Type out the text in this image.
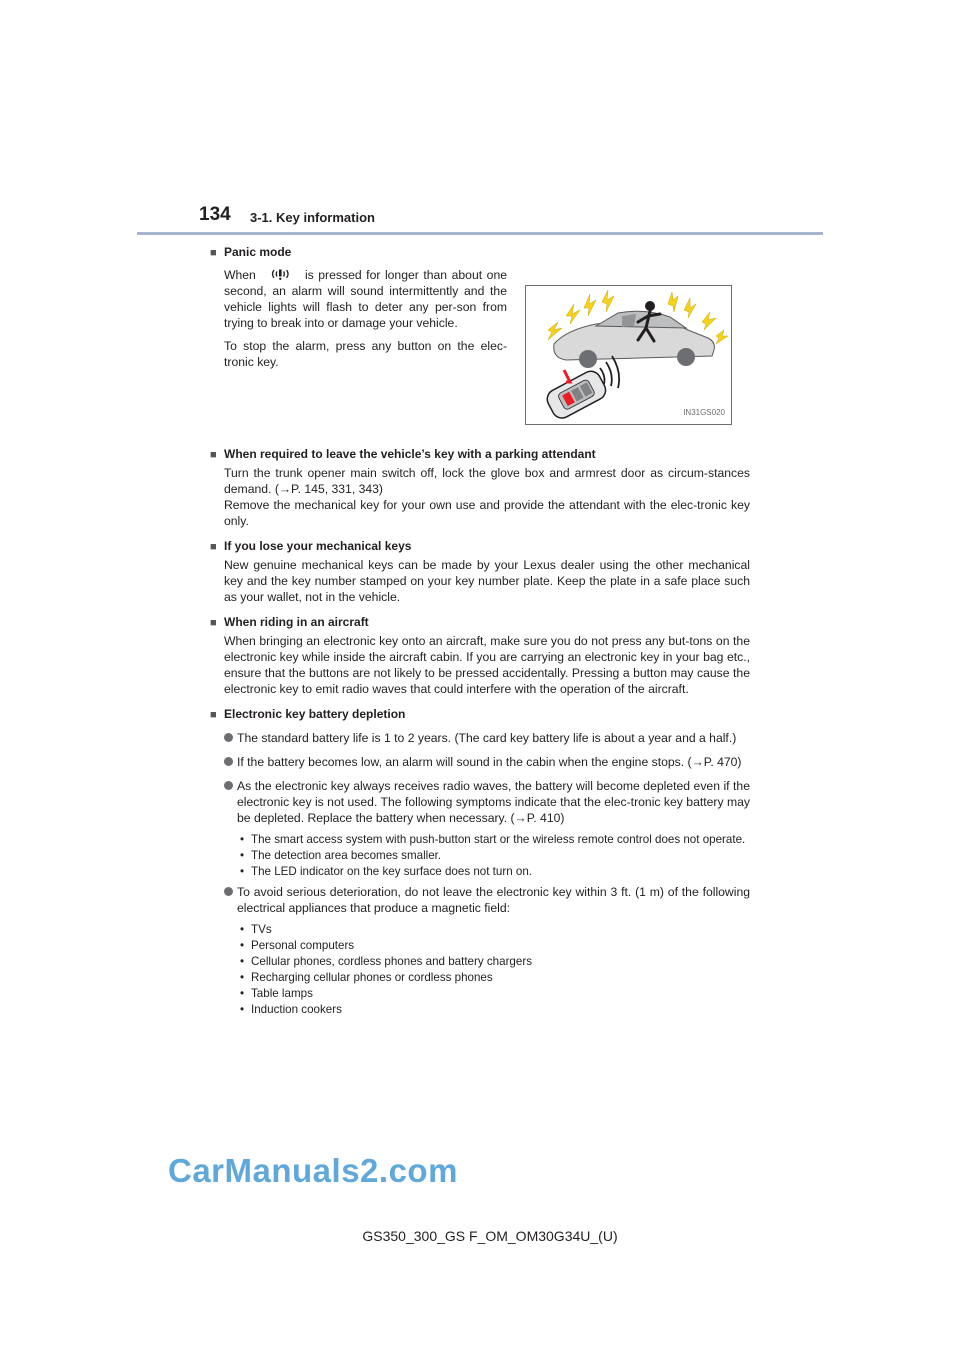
134 3-1. Key information
■ Panic mode

When	is pressed for longer than about one second, an alarm will sound intermittently and the vehicle lights will flash to deter any per-son from trying to break into or damage your vehicle.

To stop the alarm, press any button on the elec-tronic key.

IN31GS020
■ When required to leave the vehicle’s key with a parking attendant
Turn the trunk opener main switch off, lock the glove box and armrest door as circum-stances demand. (→P. 145, 331, 343)
Remove the mechanical key for your own use and provide the attendant with the elec-tronic key only.
■ If you lose your mechanical keys
New genuine mechanical keys can be made by your Lexus dealer using the other mechanical key and the key number stamped on your key number plate. Keep the plate in a safe place such as your wallet, not in the vehicle.
■ When riding in an aircraft
When bringing an electronic key onto an aircraft, make sure you do not press any but-tons on the electronic key while inside the aircraft cabin. If you are carrying an electronic key in your bag etc., ensure that the buttons are not likely to be pressed accidentally. Pressing a button may cause the electronic key to emit radio waves that could interfere with the operation of the aircraft.
■ Electronic key battery depletion
The standard battery life is 1 to 2 years. (The card key battery life is about a year and a half.)
If the battery becomes low, an alarm will sound in the cabin when the engine stops. (→P. 470)
As the electronic key always receives radio waves, the battery will become depleted even if the electronic key is not used. The following symptoms indicate that the elec-tronic key battery may be depleted. Replace the battery when necessary. (→P. 410)
• The smart access system with push-button start or the wireless remote control does not operate.
• The detection area becomes smaller.
• The LED indicator on the key surface does not turn on.
To avoid serious deterioration, do not leave the electronic key within 3 ft. (1 m) of the following electrical appliances that produce a magnetic field:
• TVs
• Personal computers
• Cellular phones, cordless phones and battery chargers
• Recharging cellular phones or cordless phones
• Table lamps
• Induction cookers
CarManuals2.com
GS350_300_GS F_OM_OM30G34U_(U)
